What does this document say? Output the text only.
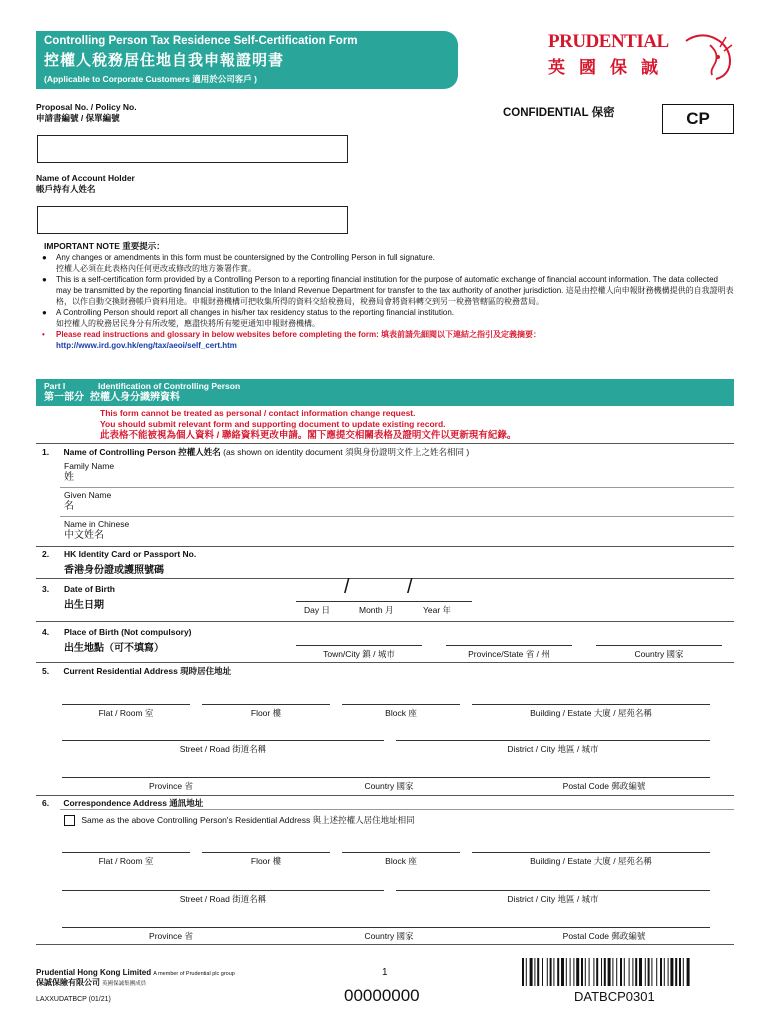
Controlling Person Tax Residence Self-Certification Form
控權人稅務居住地自我申報證明書
(Applicable to Corporate Customers 適用於公司客戶 )
PRUDENTIAL
英國保誠
Proposal No. / Policy No.
申請書編號 / 保單編號	CONFIDENTIAL 保密	CP
Name of Account Holder
帳戶持有人姓名
IMPORTANT NOTE 重要提示：
● Any changes or amendments in this form must be countersigned by the Controlling Person in full signature.
控權人必須在此表格內任何更改或修改的地方簽署作實。
● This is a self-certification form provided by a Controlling Person to a reporting financial institution for the purpose of automatic exchange of financial account information. The data collected may be transmitted by the reporting financial institution to the Inland Revenue Department for transfer to the tax authority of another jurisdiction. 這是由控權人向申報財務機構提供的自我證明表格，以作自動交換財務帳戶資料用途。申報財務機構可把收集所得的資料交給稅務局，稅務局會將資料轉交到另一稅務管轄區的稅務當局。
● A Controlling Person should report all changes in his/her tax residency status to the reporting financial institution.
如控權人的稅務居民身分有所改變，應盡快將所有變更通知申報財務機構。
• Please read instructions and glossary in below websites before completing the form: 填表前請先細閱以下連結之指引及定義摘要：
http://www.ird.gov.hk/eng/tax/aeoi/self_cert.htm
Part I	Identification of Controlling Person
第一部分 控權人身分識辨資料
This form cannot be treated as personal / contact information change request.
You should submit relevant form and supporting document to update existing record.
此表格不能被視為個人資料 / 聯絡資料更改申請。閣下應提交相關表格及證明文件以更新現有紀錄。
1. Name of Controlling Person 控權人姓名 (as shown on identity document 須與身份證明文件上之姓名相同 )
Family Name
姓
Given Name
名
Name in Chinese
中文姓名
2. HK Identity Card or Passport No.
香港身份證或護照號碼
3. Date of Birth
出生日期
/	/
Day 日	Month 月	Year 年
4. Place of Birth (Not compulsory)
出生地點（可不填寫）	Town/City 鎮 / 城市	Province/State 省 / 州	Country 國家
5. Current Residential Address 現時居住地址
Flat / Room 室	Floor 樓	Block 座	Building / Estate 大廈 / 屋苑名稱
Street / Road 街道名稱	District / City 地區 / 城市
Province 省	Country 國家	Postal Code 郵政編號
6. Correspondence Address 通訊地址
Same as the above Controlling Person's Residential Address 與上述控權人居住地址相同
Flat / Room 室	Floor 樓	Block 座	Building / Estate 大廈 / 屋苑名稱
Street / Road 街道名稱	District / City 地區 / 城市
Province 省	Country 國家	Postal Code 郵政編號
Prudential Hong Kong Limited A member of Prudential plc group
保誠保險有限公司 英國保誠集團成員
LAXXUDATBCP (01/21)
1
00000000	DATBCP0301
